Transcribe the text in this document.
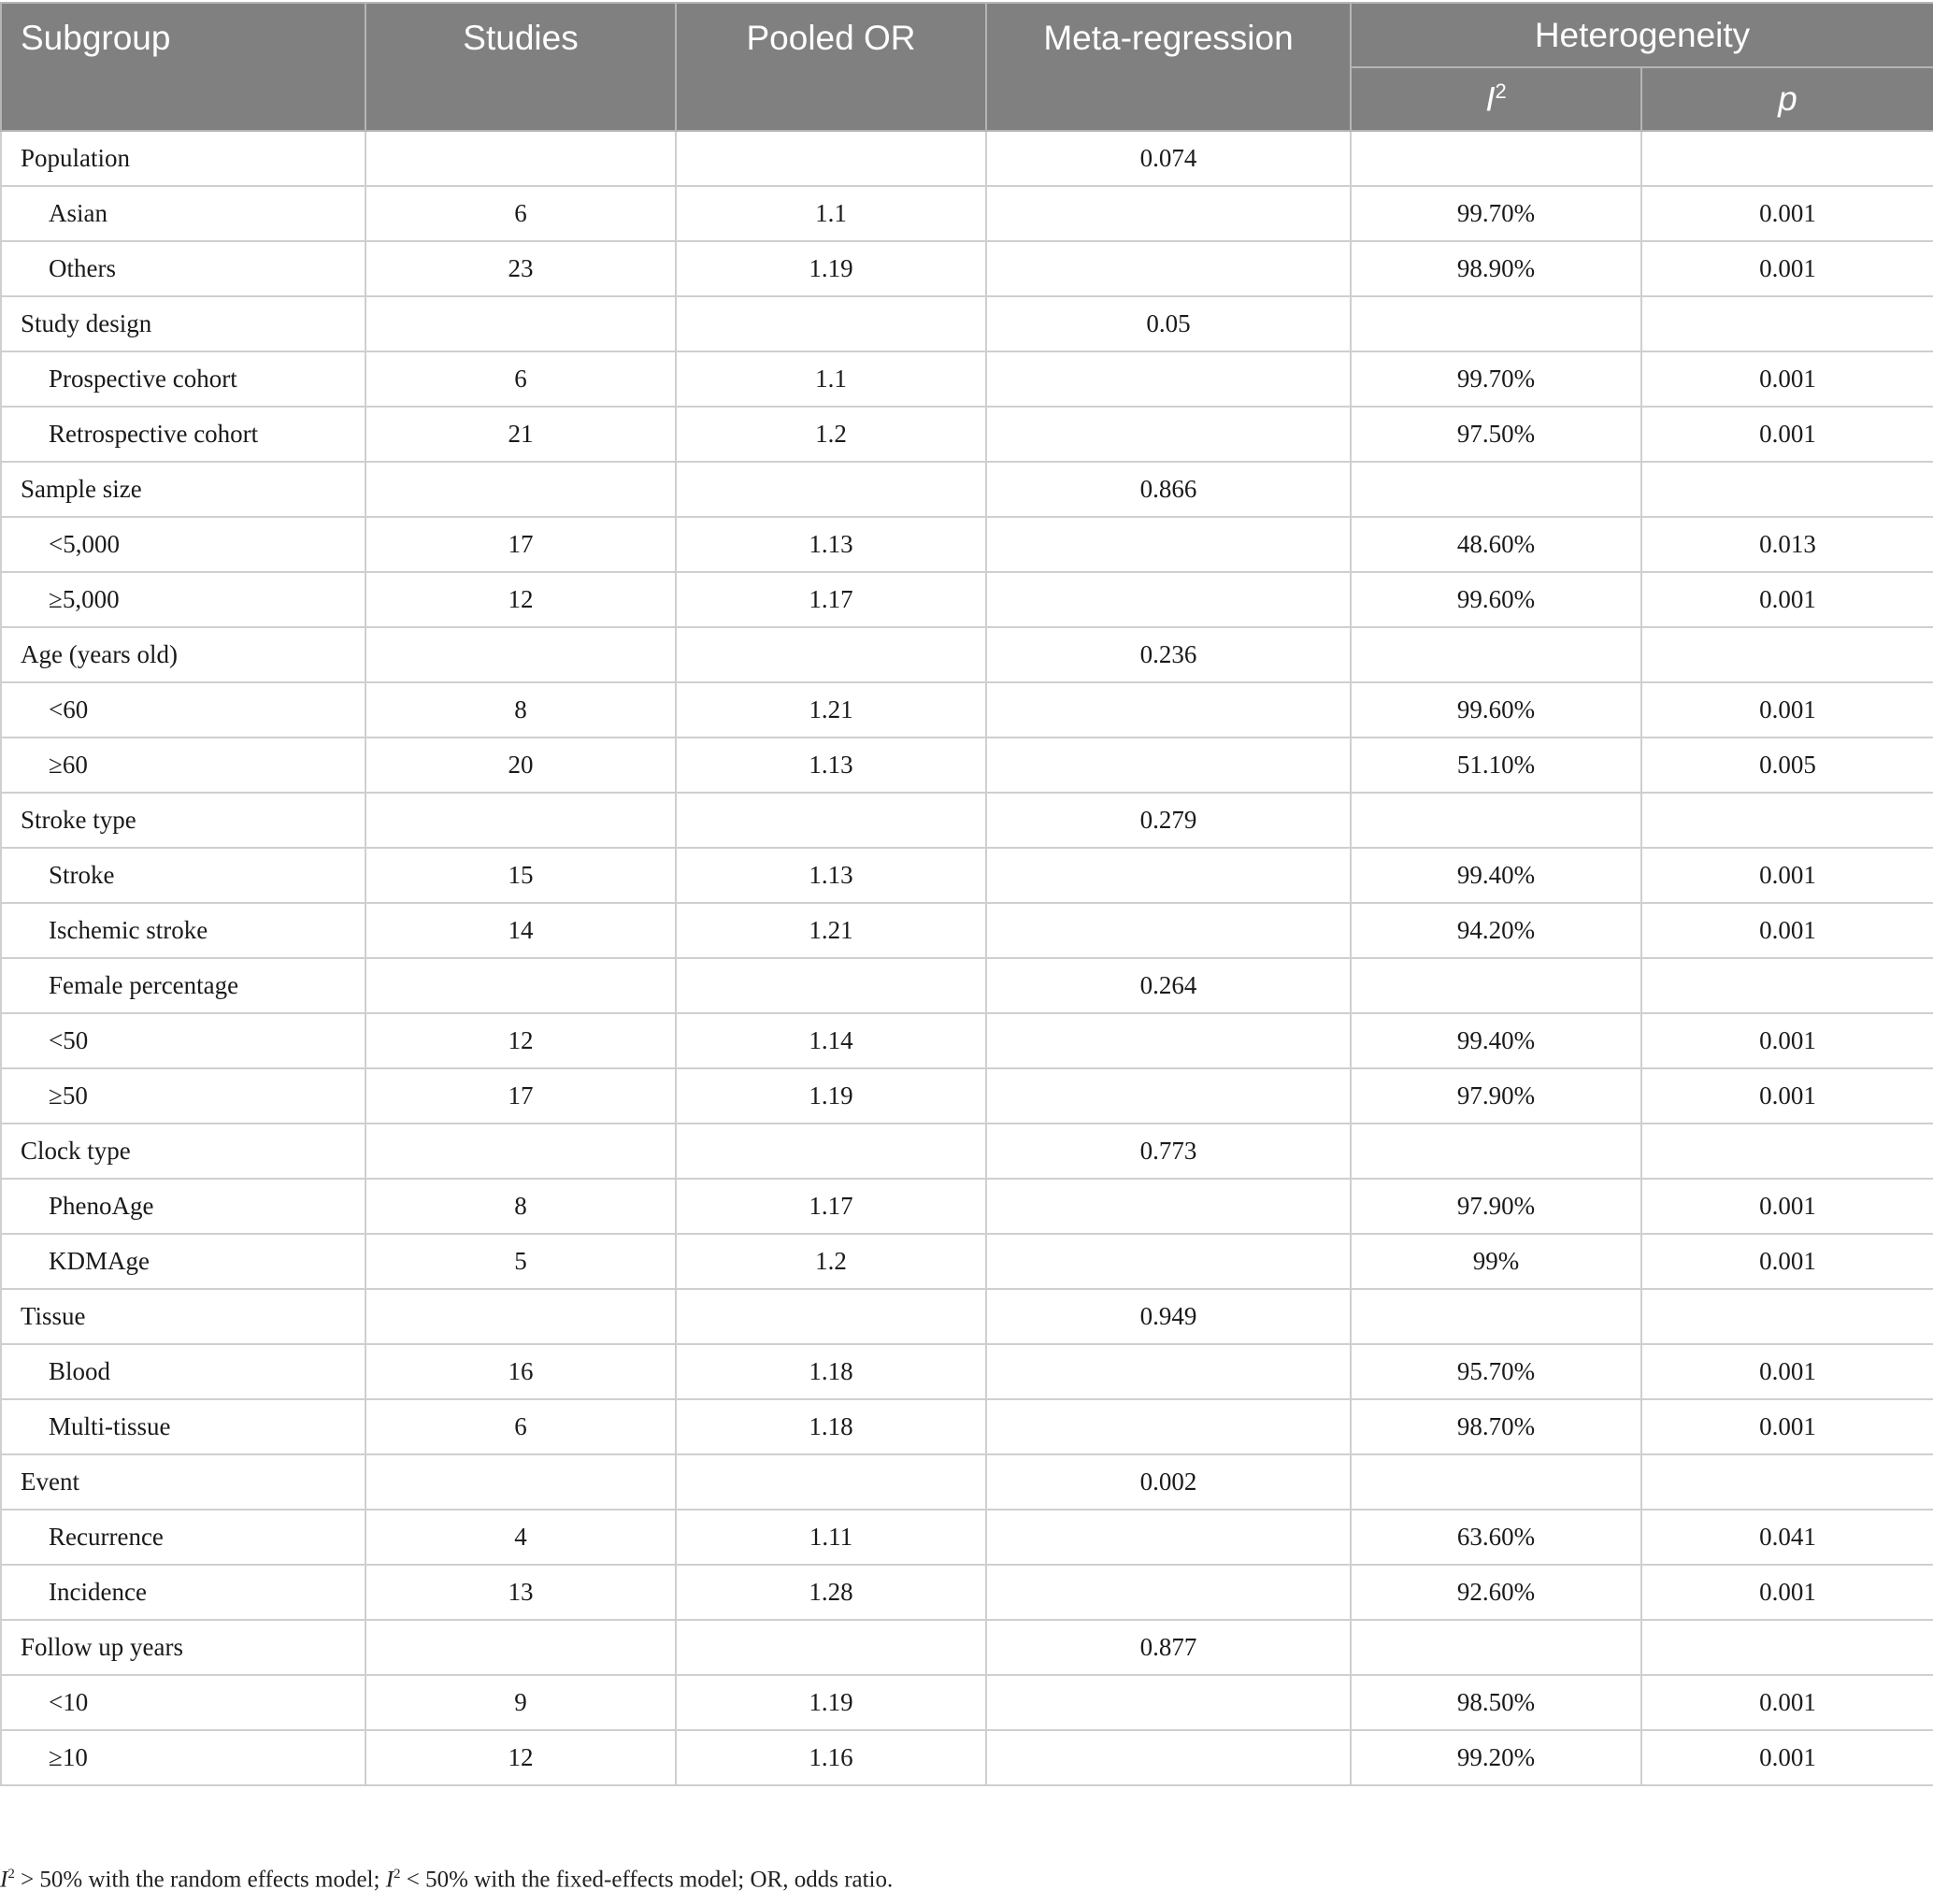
Subgroup	Studies	Pooled OR	Meta-regression	Heterogeneity	
				$I^2$	p
Population			0.074		
Asian	6	1.1		99.70%	0.001
Others	23	1.19		98.90%	0.001
Study design			0.05		
Prospective cohort	6	1.1		99.70%	0.001
Retrospective cohort	21	1.2		97.50%	0.001
Sample size			0.866		
<5,000	17	1.13		48.60%	0.013
≥5,000	12	1.17		99.60%	0.001
Age (years old)			0.236		
<60	8	1.21		99.60%	0.001
≥60	20	1.13		51.10%	0.005
Stroke type			0.279		
Stroke	15	1.13		99.40%	0.001
Ischemic stroke	14	1.21		94.20%	0.001
Female percentage			0.264		
<50	12	1.14		99.40%	0.001
≥50	17	1.19		97.90%	0.001
Clock type			0.773		
PhenoAge	8	1.17		97.90%	0.001
KDMAge	5	1.2		99%	0.001
Tissue			0.949		
Blood	16	1.18		95.70%	0.001
Multi-tissue	6	1.18		98.70%	0.001
Event			0.002		
Recurrence	4	1.11		63.60%	0.041
Incidence	13	1.28		92.60%	0.001
Follow up years			0.877		
<10	9	1.19		98.50%	0.001
≥10	12	1.16		99.20%	0.001
$I^2 > 50\%$ with the random effects model; $I^2 < 50\%$ with the fixed-effects model; OR, odds ratio.
